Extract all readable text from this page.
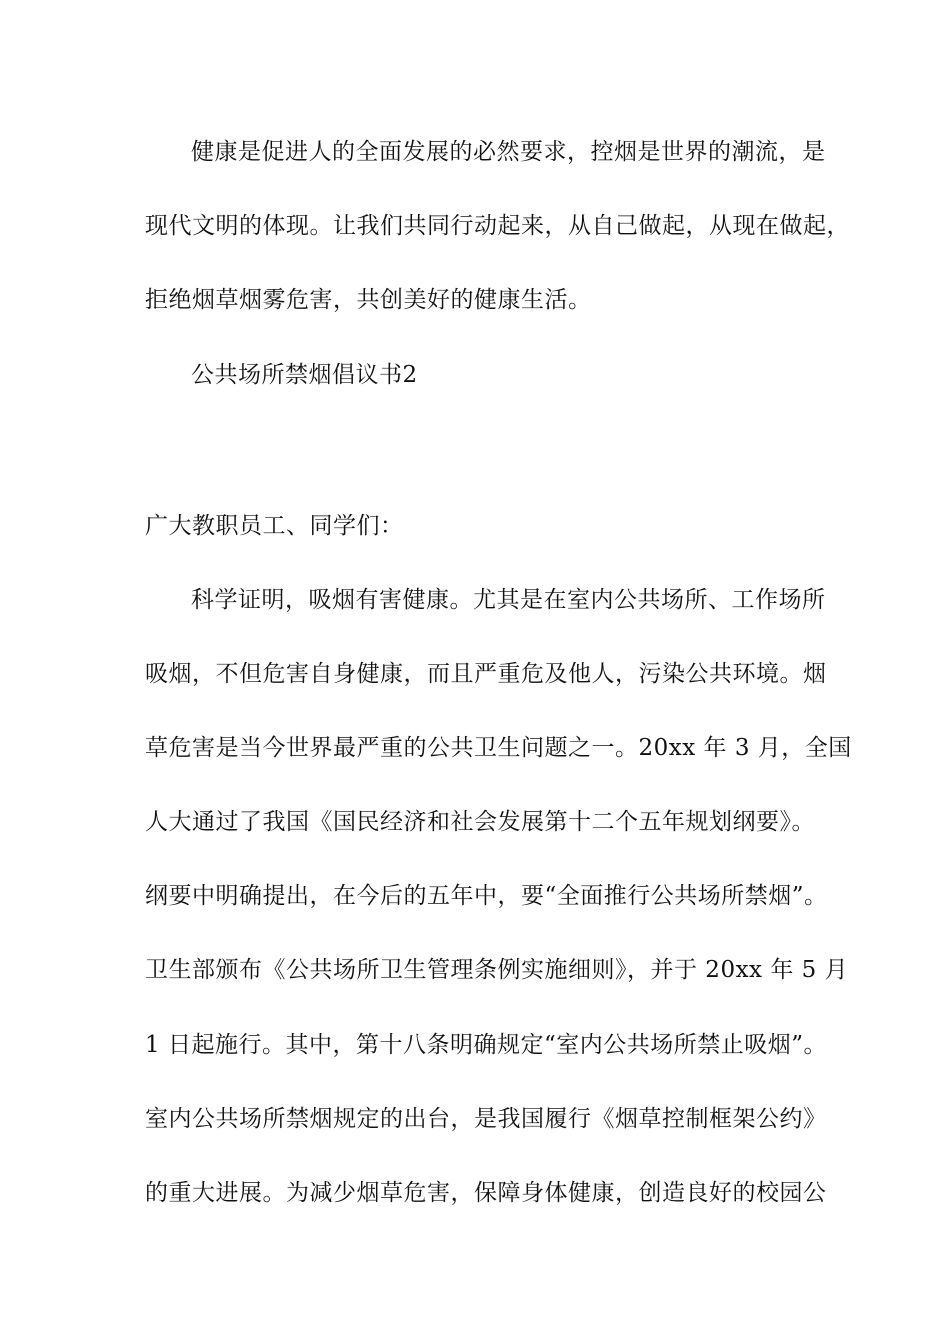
健康是促进人的全面发展的必然要求，控烟是世界的潮流，是
现代文明的体现。让我们共同行动起来，从自己做起，从现在做起，
拒绝烟草烟雾危害，共创美好的健康生活。
公共场所禁烟倡议书2
广大教职员工、同学们：
科学证明，吸烟有害健康。尤其是在室内公共场所、工作场所
吸烟，不但危害自身健康，而且严重危及他人，污染公共环境。烟
草危害是当今世界最严重的公共卫生问题之一。20xx 年 3 月，全国
人大通过了我国《国民经济和社会发展第十二个五年规划纲要》。
纲要中明确提出，在今后的五年中，要“全面推行公共场所禁烟”。
卫生部颁布《公共场所卫生管理条例实施细则》，并于 20xx 年 5 月
1 日起施行。其中，第十八条明确规定“室内公共场所禁止吸烟”。
室内公共场所禁烟规定的出台，是我国履行《烟草控制框架公约》
的重大进展。为减少烟草危害，保障身体健康，创造良好的校园公
